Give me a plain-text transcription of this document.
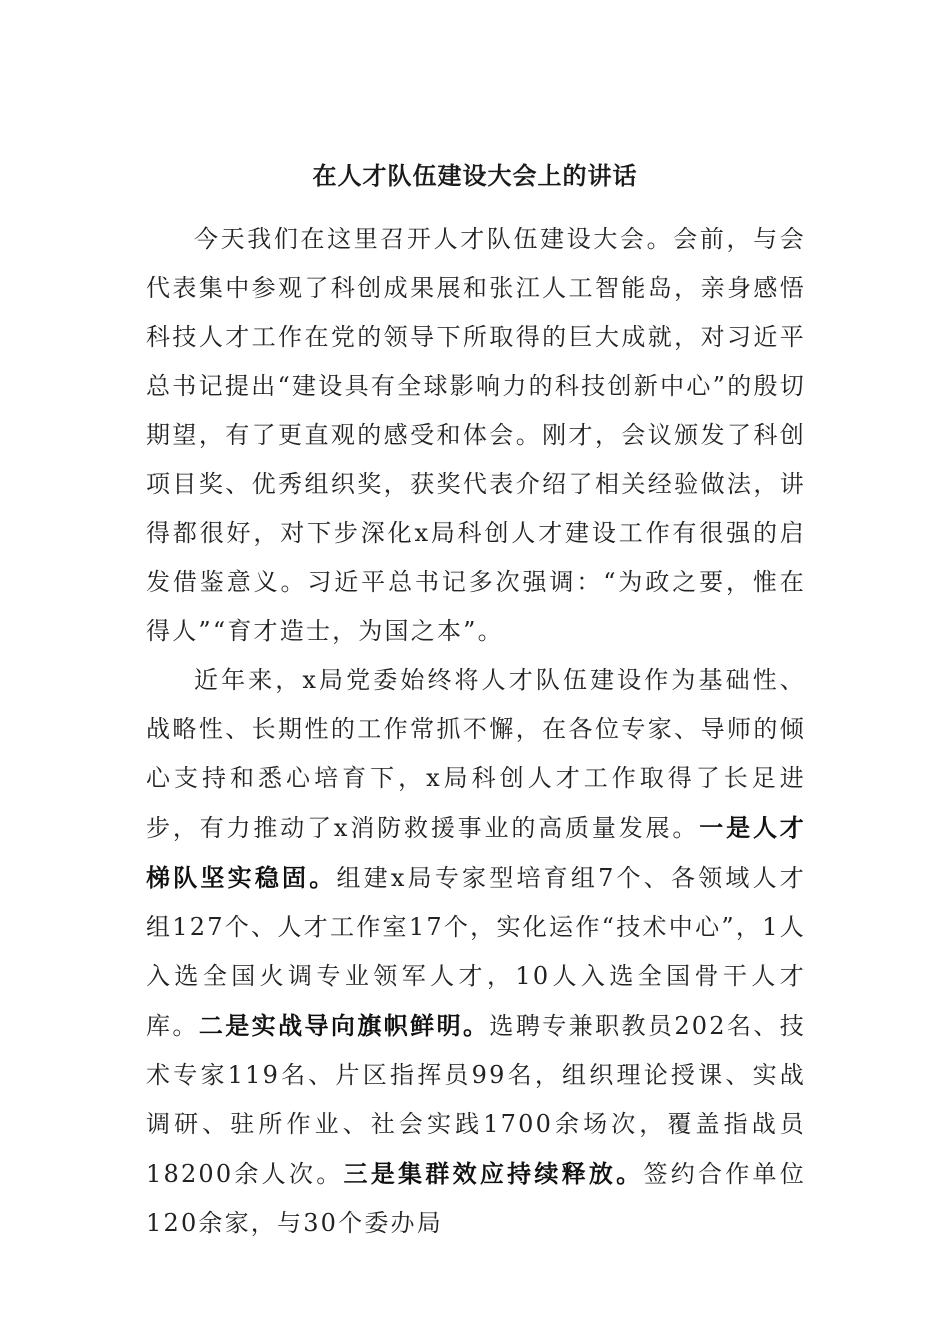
在人才队伍建设大会上的讲话

今天我们在这里召开人才队伍建设大会。会前，与会代表集中参观了科创成果展和张江人工智能岛，亲身感悟科技人才工作在党的领导下所取得的巨大成就，对习近平总书记提出“建设具有全球影响力的科技创新中心”的殷切期望，有了更直观的感受和体会。刚才，会议颁发了科创项目奖、优秀组织奖，获奖代表介绍了相关经验做法，讲得都很好，对下步深化x局科创人才建设工作有很强的启发借鉴意义。习近平总书记多次强调：“为政之要，惟在得人”“育才造士，为国之本”。

近年来，x局党委始终将人才队伍建设作为基础性、战略性、长期性的工作常抓不懈，在各位专家、导师的倾心支持和悉心培育下，x局科创人才工作取得了长足进步，有力推动了x消防救援事业的高质量发展。一是人才梯队坚实稳固。组建x局专家型培育组7个、各领域人才组127个、人才工作室17个，实化运作“技术中心”，1人入选全国火调专业领军人才，10人入选全国骨干人才库。二是实战导向旗帜鲜明。选聘专兼职教员202名、技术专家119名、片区指挥员99名，组织理论授课、实战调研、驻所作业、社会实践1700余场次，覆盖指战员18200余人次。三是集群效应持续释放。签约合作单位120余家，与30个委办局
